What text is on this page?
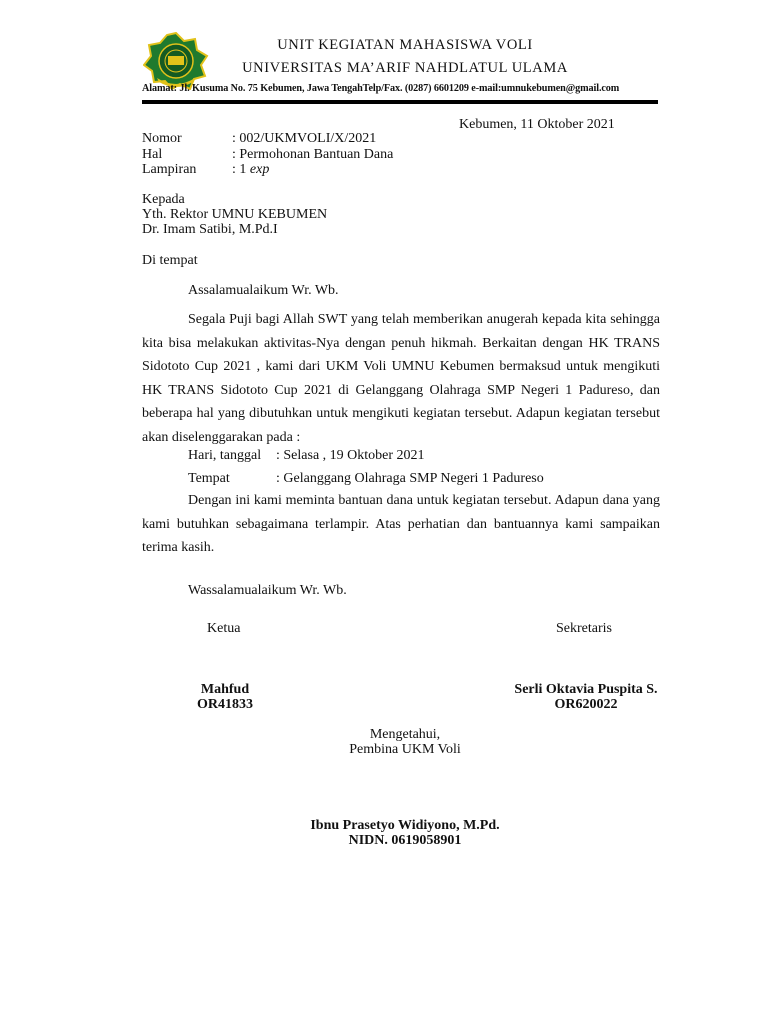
UNIT KEGIATAN MAHASISWA VOLI
UNIVERSITAS MA’ARIF NAHDLATUL ULAMA
Alamat: Jl. Kusuma No. 75 Kebumen, Jawa TengahTelp/Fax. (0287) 6601209 e-mail:umnukebumen@gmail.com
Kebumen, 11 Oktober 2021
Nomor	: 002/UKMVOLI/X/2021
Hal	: Permohonan Bantuan Dana
Lampiran	: 1 exp
Kepada
Yth. Rektor UMNU KEBUMEN
Dr. Imam Satibi, M.Pd.I
Di tempat
Assalamualaikum Wr. Wb.
Segala Puji bagi Allah SWT yang telah memberikan anugerah kepada kita sehingga kita bisa melakukan aktivitas-Nya dengan penuh hikmah. Berkaitan dengan HK TRANS Sidototo Cup 2021 , kami dari UKM Voli UMNU Kebumen bermaksud untuk mengikuti HK TRANS Sidototo Cup 2021 di Gelanggang Olahraga SMP Negeri 1 Padureso, dan beberapa hal yang dibutuhkan untuk mengikuti kegiatan tersebut. Adapun kegiatan tersebut akan diselenggarakan pada :
Hari, tanggal : Selasa , 19 Oktober 2021
Tempat	: Gelanggang Olahraga SMP Negeri 1 Padureso
Dengan ini kami meminta bantuan dana untuk kegiatan tersebut. Adapun dana yang kami butuhkan sebagaimana terlampir. Atas perhatian dan bantuannya kami sampaikan terima kasih.
Wassalamualaikum Wr. Wb.
Ketua	Sekretaris
Mahfud
OR41833
Serli Oktavia Puspita S.
OR620022
Mengetahui,
Pembina UKM Voli
Ibnu Prasetyo Widiyono, M.Pd.
NIDN. 0619058901
